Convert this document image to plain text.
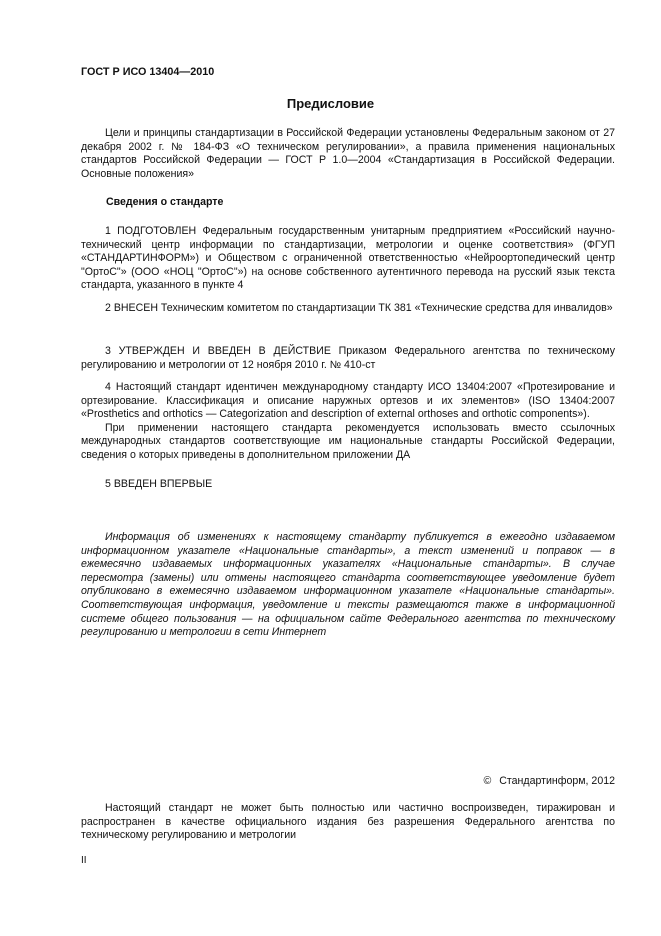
ГОСТ Р ИСО 13404—2010
Предисловие

Цели и принципы стандартизации в Российской Федерации установлены Федеральным законом от 27 декабря 2002 г. № 184-ФЗ «О техническом регулировании», а правила применения национальных стандартов Российской Федерации — ГОСТ Р 1.0—2004 «Стандартизация в Российской Федерации. Основные положения»

Сведения о стандарте

1 ПОДГОТОВЛЕН Федеральным государственным унитарным предприятием «Российский научно-технический центр информации по стандартизации, метрологии и оценке соответствия» (ФГУП «СТАНДАРТИНФОРМ») и Обществом с ограниченной ответственностью «Нейроортопедический центр "ОртоС"» (ООО «НОЦ "ОртоС"») на основе собственного аутентичного перевода на русский язык текста стандарта, указанного в пункте 4

2 ВНЕСЕН Техническим комитетом по стандартизации ТК 381 «Технические средства для инвалидов»

3 УТВЕРЖДЕН И ВВЕДЕН В ДЕЙСТВИЕ Приказом Федерального агентства по техническому регулированию и метрологии от 12 ноября 2010 г. № 410-ст

4 Настоящий стандарт идентичен международному стандарту ИСО 13404:2007 «Протезирование и ортезирование. Классификация и описание наружных ортезов и их элементов» (ISO 13404:2007 «Prosthetics and orthotics — Categorization and description of external orthoses and orthotic components»).

При применении настоящего стандарта рекомендуется использовать вместо ссылочных международных стандартов соответствующие им национальные стандарты Российской Федерации, сведения о которых приведены в дополнительном приложении ДА

5 ВВЕДЕН ВПЕРВЫЕ

Информация об изменениях к настоящему стандарту публикуется в ежегодно издаваемом информационном указателе «Национальные стандарты», а текст изменений и поправок — в ежемесячно издаваемых информационных указателях «Национальные стандарты». В случае пересмотра (замены) или отмены настоящего стандарта соответствующее уведомление будет опубликовано в ежемесячно издаваемом информационном указателе «Национальные стандарты». Соответствующая информация, уведомление и тексты размещаются также в информационной системе общего пользования — на официальном сайте Федерального агентства по техническому регулированию и метрологии в сети Интернет

© Стандартинформ, 2012

Настоящий стандарт не может быть полностью или частично воспроизведен, тиражирован и распространен в качестве официального издания без разрешения Федерального агентства по техническому регулированию и метрологии

II
